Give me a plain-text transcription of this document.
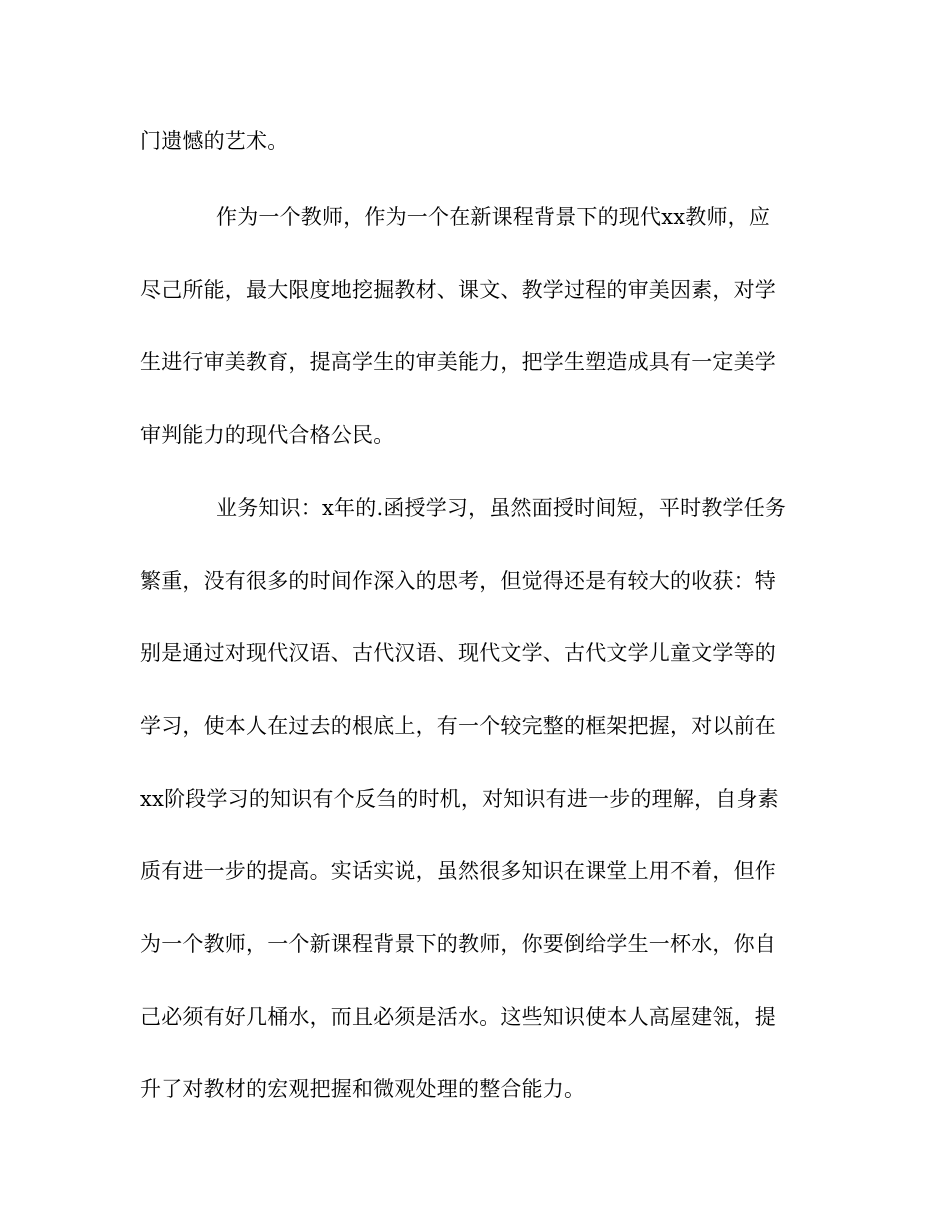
门遗憾的艺术。

作为一个教师，作为一个在新课程背景下的现代xx教师，应

尽己所能，最大限度地挖掘教材、课文、教学过程的审美因素，对学

生进行审美教育，提高学生的审美能力，把学生塑造成具有一定美学

审判能力的现代合格公民。

业务知识：x年的.函授学习，虽然面授时间短，平时教学任务

繁重，没有很多的时间作深入的思考，但觉得还是有较大的收获：特

别是通过对现代汉语、古代汉语、现代文学、古代文学儿童文学等的

学习，使本人在过去的根底上，有一个较完整的框架把握，对以前在

xx阶段学习的知识有个反刍的时机，对知识有进一步的理解，自身素

质有进一步的提高。实话实说，虽然很多知识在课堂上用不着，但作

为一个教师，一个新课程背景下的教师，你要倒给学生一杯水，你自

己必须有好几桶水，而且必须是活水。这些知识使本人高屋建瓴，提

升了对教材的宏观把握和微观处理的整合能力。
